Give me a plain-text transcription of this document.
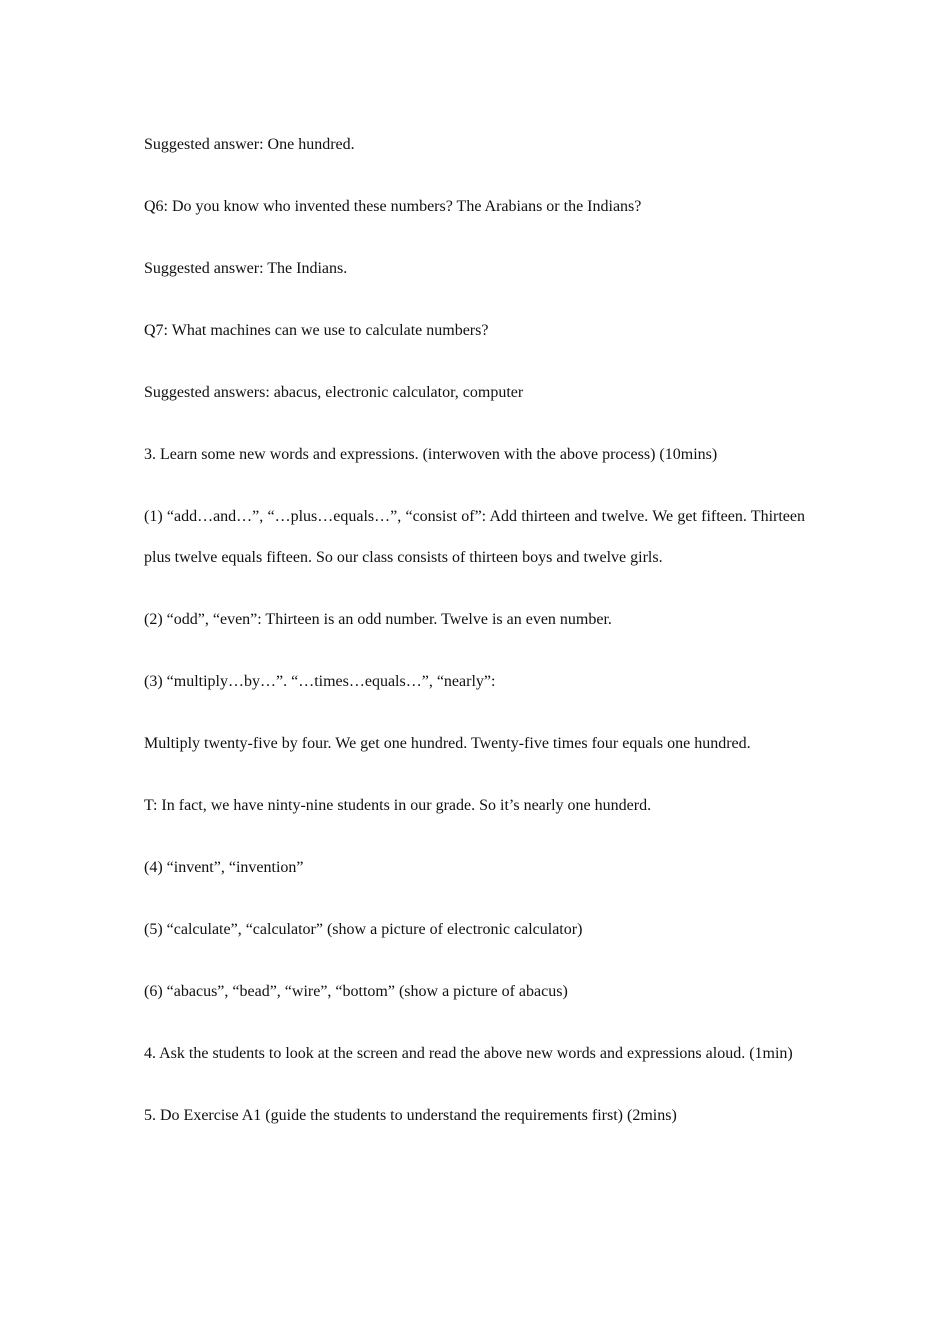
Suggested answer: One hundred.

Q6: Do you know who invented these numbers? The Arabians or the Indians?

Suggested answer: The Indians.

Q7: What machines can we use to calculate numbers?

Suggested answers: abacus, electronic calculator, computer

3. Learn some new words and expressions. (interwoven with the above process) (10mins)

(1) “add…and…”, “…plus…equals…”, “consist of”: Add thirteen and twelve. We get fifteen. Thirteen plus twelve equals fifteen. So our class consists of thirteen boys and twelve girls.

(2) “odd”, “even”: Thirteen is an odd number. Twelve is an even number.

(3) “multiply…by…”. “…times…equals…”, “nearly”:

Multiply twenty-five by four. We get one hundred. Twenty-five times four equals one hundred.

T: In fact, we have ninty-nine students in our grade. So it’s nearly one hunderd.

(4) “invent”, “invention”

(5) “calculate”, “calculator” (show a picture of electronic calculator)

(6) “abacus”, “bead”, “wire”, “bottom” (show a picture of abacus)

4. Ask the students to look at the screen and read the above new words and expressions aloud. (1min)

5. Do Exercise A1 (guide the students to understand the requirements first) (2mins)
